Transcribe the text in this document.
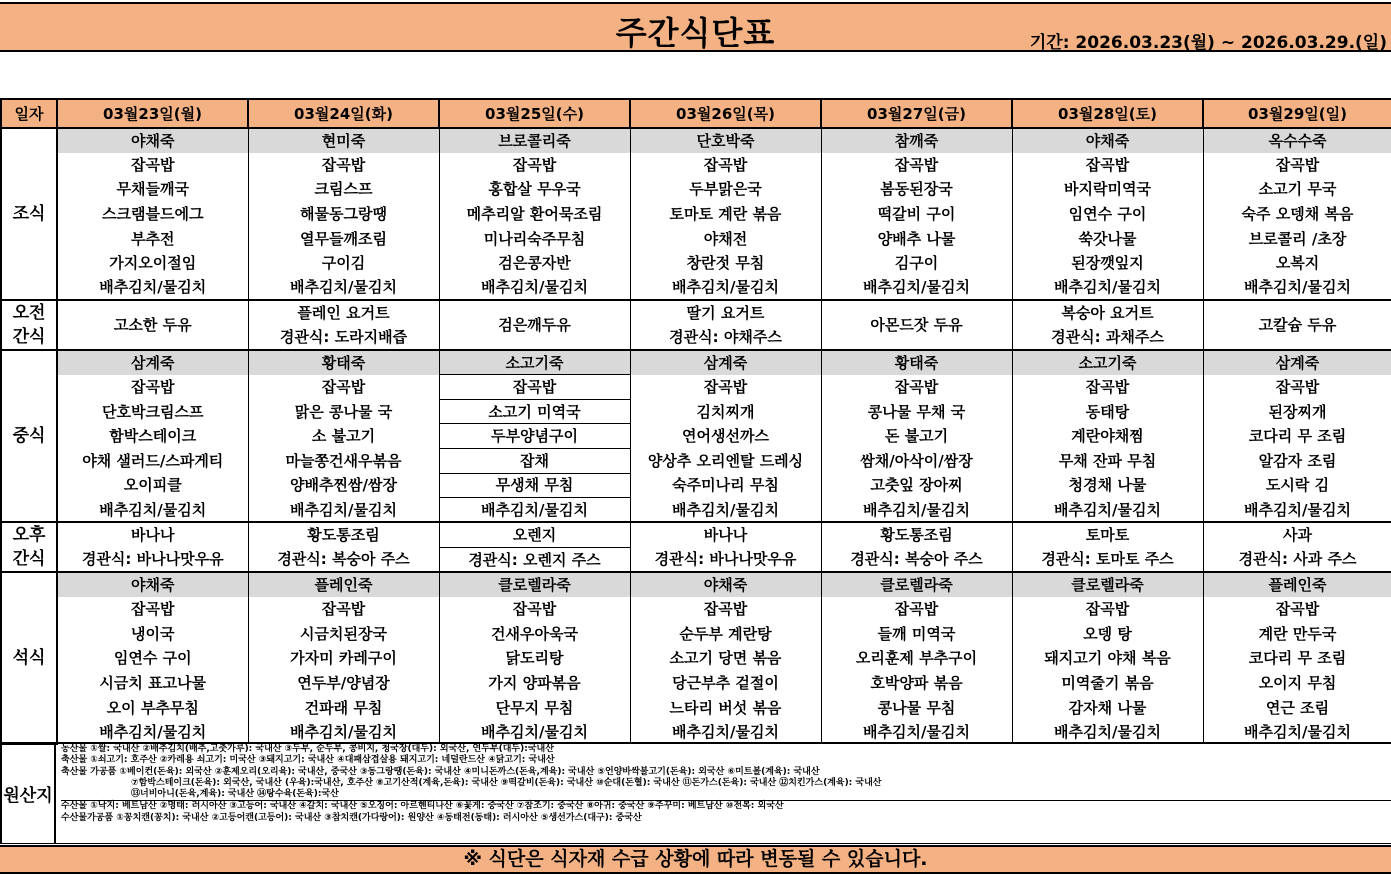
주간식단표	기간: 2026.03.23(월) ~ 2026.03.29.(일)
일자	03월23일(월)	03월24일(화)	03월25일(수)	03월26일(목)	03월27일(금)	03월28일(토)	03월29일(일)
조식	야채죽	현미죽	브로콜리죽	단호박죽	참깨죽	야채죽	옥수수죽
	잡곡밥	잡곡밥	잡곡밥	잡곡밥	잡곡밥	잡곡밥	잡곡밥
	무채들깨국	크림스프	홍합살 무우국	두부맑은국	봄동된장국	바지락미역국	소고기 무국
	스크램블드에그	해물동그랑땡	메추리알 환어묵조림	토마토 계란 볶음	떡갈비 구이	임연수 구이	숙주 오뎅채 복음
	부추전	열무들깨조림	미나리숙주무침	야채전	양배추 나물	쑥갓나물	브로콜리 /초장
	가지오이절임	구이김	검은콩자반	창란젓 무침	김구이	된장깻잎지	오복지
	배추김치/물김치	배추김치/물김치	배추김치/물김치	배추김치/물김치	배추김치/물김치	배추김치/물김치	배추김치/물김치

오전
간식	고소한 두유	플레인 요거트	검은깨두유	딸기 요거트	아몬드잣 두유	복숭아 요거트	고칼슘 두유
		경관식: 도라지배즙		경관식: 야채주스		경관식: 과채주스	
중식	삼계죽	황태죽	소고기죽	삼계죽	황태죽	소고기죽	삼계죽
	잡곡밥	잡곡밥	잡곡밥	잡곡밥	잡곡밥	잡곡밥	잡곡밥
	단호박크림스프	맑은 콩나물 국	소고기 미역국	김치찌개	콩나물 무채 국	동태탕	된장찌개
	함박스테이크	소 불고기	두부양념구이	연어생선까스	돈 불고기	계란야채찜	코다리 무 조림
	야채 샐러드/스파게티	마늘쫑건새우볶음	잡채	양상추 오리엔탈 드레싱	쌈채/아삭이/쌈장	무채 잔파 무침	알감자 조림
	오이피클	양배추찐쌈/쌈장	무생채 무침	숙주미나리 무침	고춧잎 장아찌	청경채 나물	도시락 김
	배추김치/물김치	배추김치/물김치	배추김치/물김치	배추김치/물김치	배추김치/물김치	배추김치/물김치	배추김치/물김치

오후
간식	바나나	황도통조림	오렌지	바나나	황도통조림	토마토	사과
	경관식: 바나나맛우유	경관식: 복숭아 주스	경관식: 오렌지 주스	경관식: 바나나맛우유	경관식: 복숭아 주스	경관식: 토마토 주스	경관식: 사과 주스
석식	야채죽	플레인죽	클로렐라죽	야채죽	클로렐라죽	클로렐라죽	플레인죽
	잡곡밥	잡곡밥	잡곡밥	잡곡밥	잡곡밥	잡곡밥	잡곡밥
	냉이국	시금치된장국	건새우아욱국	순두부 계란탕	들깨 미역국	오뎅 탕	계란 만두국
	임연수 구이	가자미 카레구이	닭도리탕	소고기 당면 볶음	오리훈제 부추구이	돼지고기 야채 복음	코다리 무 조림
	시금치 표고나물	연두부/양념장	가지 양파볶음	당근부추 겉절이	호박양파 볶음	미역줄기 볶음	오이지 무침
	오이 부추무침	건파래 무침	단무지 무침	느타리 버섯 볶음	콩나물 무침	감자채 나물	연근 조림
	배추김치/물김치	배추김치/물김치	배추김치/물김치	배추김치/물김치	배추김치/물김치	배추김치/물김치	배추김치/물김치
원산지
농산물 ①쌀: 국내산 ②배추김치(배추,고춧가루): 국내산 ③두부, 순두부, 콩비지, 청국장(대두): 외국산, 연두부(대두):국내산
축산물 ①쇠고기: 호주산 ②카레용 쇠고기: 미국산 ③돼지고기: 국내산 ④대패삼겹살용 돼지고기: 네덜란드산 ④닭고기: 국내산
축산물 가공품 ①베이컨(돈육): 외국산 ②훈제오리(오리육): 국내산, 중국산 ③동그랑땡(돈육): 국내산 ④미니돈까스(돈육,계육): 국내산 ⑤언양바싹불고기(돈육): 외국산 ⑥미트볼(계육): 국내산
⑦함박스테이크(돈육): 외국산, 국내산 (우육):국내산, 호주산 ⑧고기산적(계육,돈육): 국내산 ⑨떡갈비(돈육): 국내산 ⑩순대(돈혈): 국내산 ⑪돈가스(돈육): 국내산 ⑫치킨가스(계육): 국내산
⑬너비아니(돈육,계육): 국내산 ⑭탕수육(돈육):국산
수산물 ①낙지: 베트남산 ②명태: 러시아산 ③고등어: 국내산 ④갈치: 국내산 ⑤오징어: 아르헨티나산 ⑥꽃게: 중국산 ⑦참조기: 중국산 ⑧아귀: 중국산 ⑨주꾸미: 베트남산 ⑩전복: 외국산
수산물가공품 ①꽁치캔(꽁치): 국내산 ②고등어캔(고등어): 국내산 ③참치캔(가다랑어): 원양산 ④동태전(동태): 러시아산 ⑤생선가스(대구): 중국산
※ 식단은 식자재 수급 상황에 따라 변동될 수 있습니다.
